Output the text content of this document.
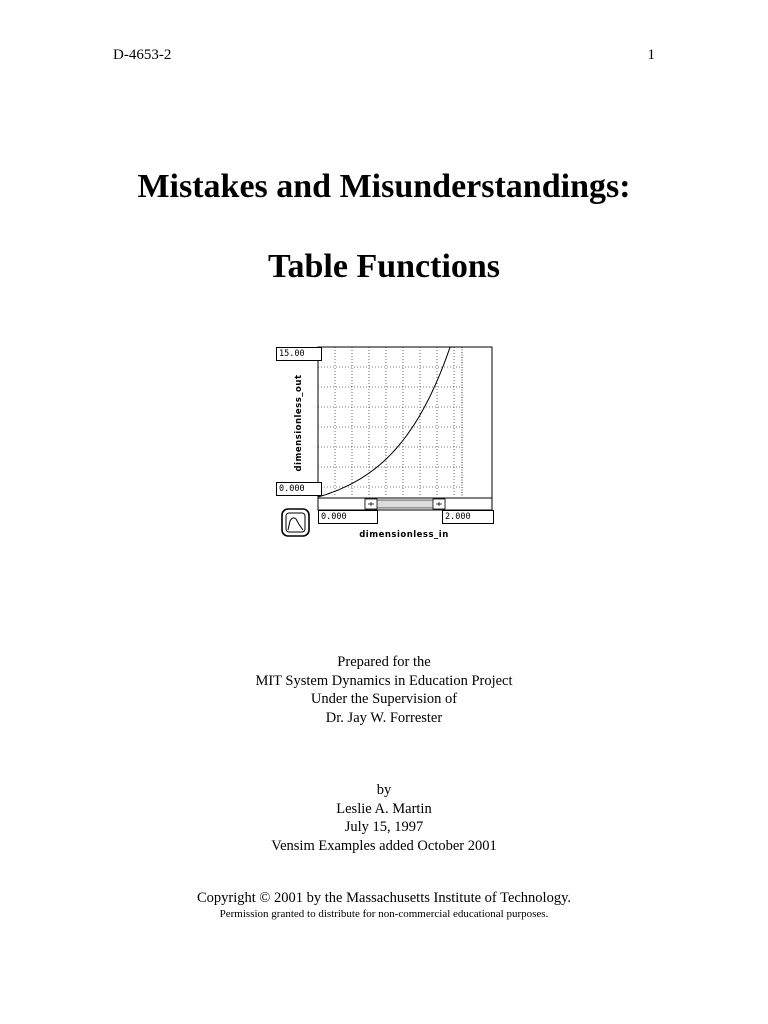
D-4653-2	1
Mistakes and Misunderstandings:
Table Functions
15.00
0.000
0.000	2.000
dimensionless_out
dimensionless_in
Prepared for the
MIT System Dynamics in Education Project
Under the Supervision of
Dr. Jay W. Forrester
by
Leslie A. Martin
July 15, 1997
Vensim Examples added October 2001
Copyright © 2001 by the Massachusetts Institute of Technology.
Permission granted to distribute for non-commercial educational purposes.
